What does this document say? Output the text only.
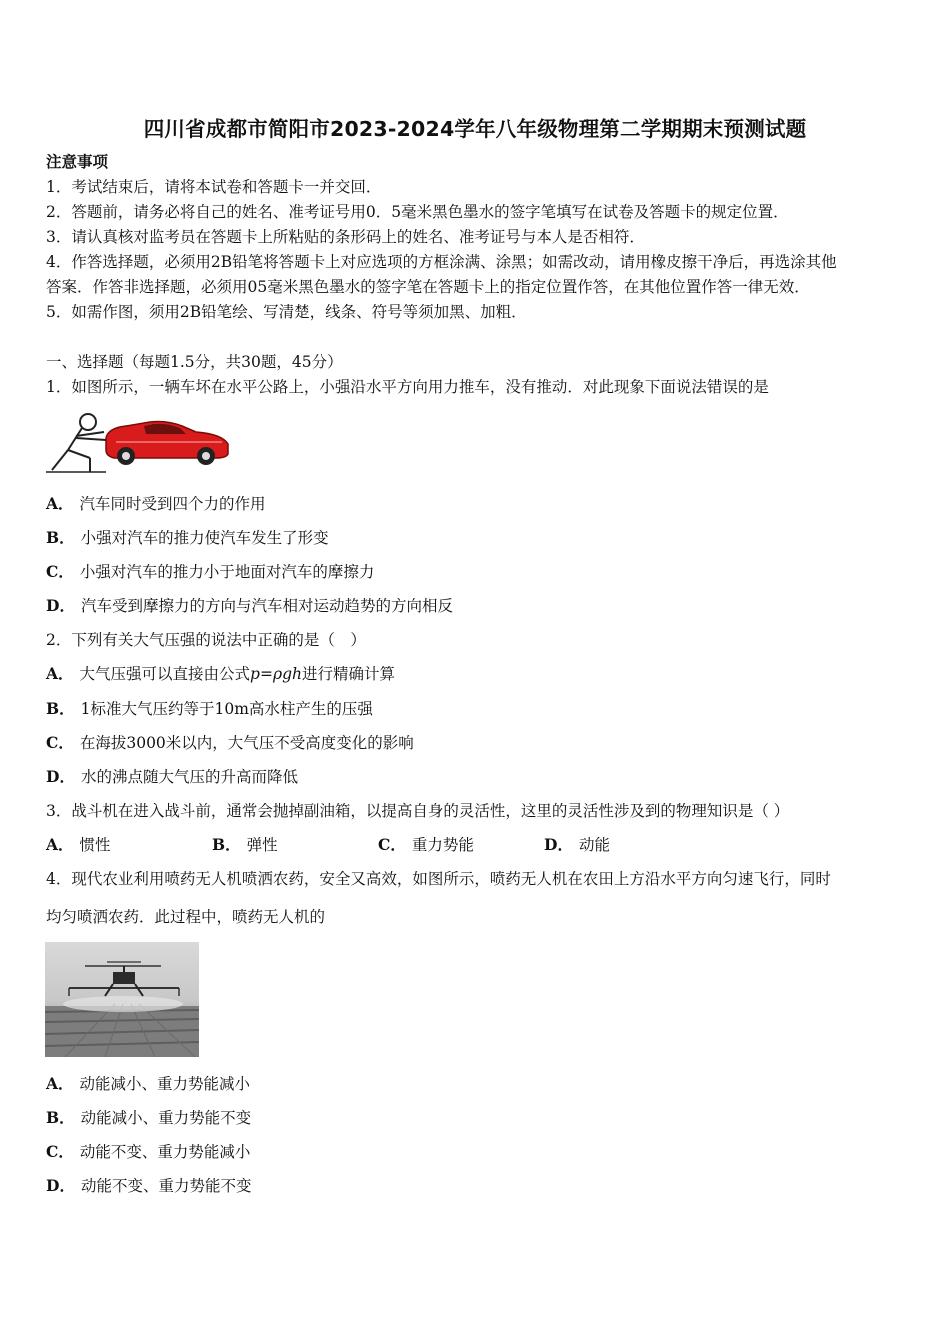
四川省成都市简阳市2023-2024学年八年级物理第二学期期末预测试题
注意事项
1．考试结束后，请将本试卷和答题卡一并交回．
2．答题前，请务必将自己的姓名、准考证号用0．5毫米黑色墨水的签字笔填写在试卷及答题卡的规定位置．
3．请认真核对监考员在答题卡上所粘贴的条形码上的姓名、准考证号与本人是否相符．
4．作答选择题，必须用2B铅笔将答题卡上对应选项的方框涂满、涂黑；如需改动，请用橡皮擦干净后，再选涂其他
答案．作答非选择题，必须用05毫米黑色墨水的签字笔在答题卡上的指定位置作答，在其他位置作答一律无效．
5．如需作图，须用2B铅笔绘、写清楚，线条、符号等须加黑、加粗．
一、选择题（每题1.5分，共30题，45分）
1．如图所示，一辆车坏在水平公路上，小强沿水平方向用力推车，没有推动．对此现象下面说法错误的是
A． 汽车同时受到四个力的作用
B． 小强对汽车的推力使汽车发生了形变
C． 小强对汽车的推力小于地面对汽车的摩擦力
D． 汽车受到摩擦力的方向与汽车相对运动趋势的方向相反
2．下列有关大气压强的说法中正确的是（　）
A． 大气压强可以直接由公式p=ρgh进行精确计算
B． 1标准大气压约等于10m高水柱产生的压强
C． 在海拔3000米以内，大气压不受高度变化的影响
D． 水的沸点随大气压的升高而降低
3．战斗机在进入战斗前，通常会抛掉副油箱，以提高自身的灵活性，这里的灵活性涉及到的物理知识是（ ）
A． 惯性	B． 弹性	C． 重力势能	D． 动能
4．现代农业利用喷药无人机喷洒农药，安全又高效，如图所示，喷药无人机在农田上方沿水平方向匀速飞行，同时
均匀喷洒农药．此过程中，喷药无人机的
A． 动能减小、重力势能减小
B． 动能减小、重力势能不变
C． 动能不变、重力势能减小
D． 动能不变、重力势能不变
